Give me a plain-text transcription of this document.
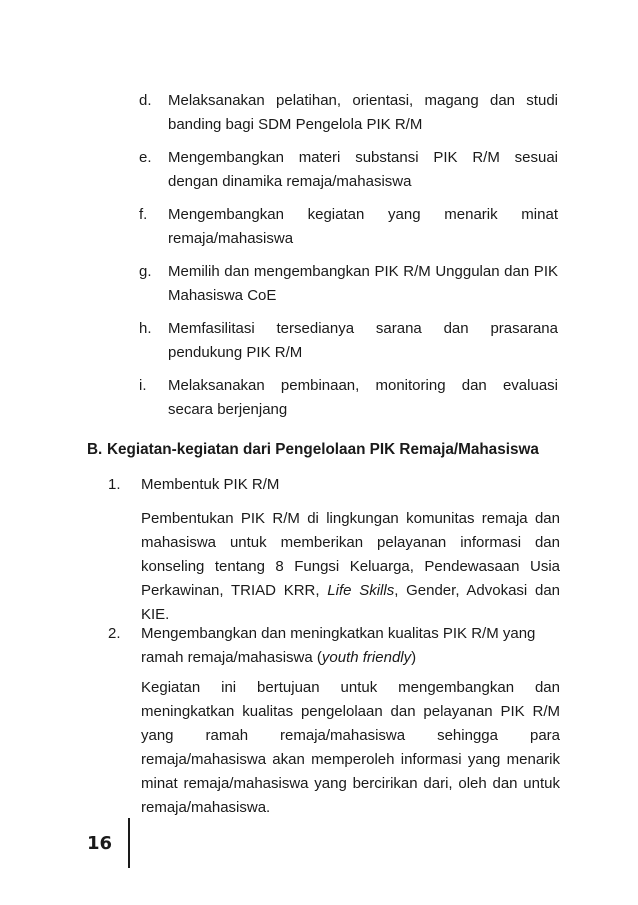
d.	Melaksanakan pelatihan, orientasi, magang dan studi banding bagi SDM Pengelola PIK R/M
e.	Mengembangkan materi substansi PIK R/M sesuai dengan dinamika remaja/mahasiswa
f.	Mengembangkan kegiatan yang menarik minat remaja/mahasiswa
g.	Memilih dan mengembangkan PIK R/M Unggulan dan PIK Mahasiswa CoE
h.	Memfasilitasi tersedianya sarana dan prasarana pendukung PIK R/M
i.	Melaksanakan pembinaan, monitoring dan evaluasi secara berjenjang
B. Kegiatan-kegiatan dari Pengelolaan PIK Remaja/Mahasiswa
1.	Membentuk PIK R/M

Pembentukan PIK R/M di lingkungan komunitas remaja dan mahasiswa untuk memberikan pelayanan informasi dan konseling tentang 8 Fungsi Keluarga, Pendewasaan Usia Perkawinan, TRIAD KRR, Life Skills, Gender, Advokasi dan KIE.

2.	Mengembangkan dan meningkatkan kualitas PIK R/M yang ramah remaja/mahasiswa (youth friendly)

Kegiatan ini bertujuan untuk mengembangkan dan meningkatkan kualitas pengelolaan dan pelayanan PIK R/M yang ramah remaja/mahasiswa sehingga para remaja/mahasiswa akan memperoleh informasi yang menarik minat remaja/mahasiswa yang bercirikan dari, oleh dan untuk remaja/mahasiswa.

16
